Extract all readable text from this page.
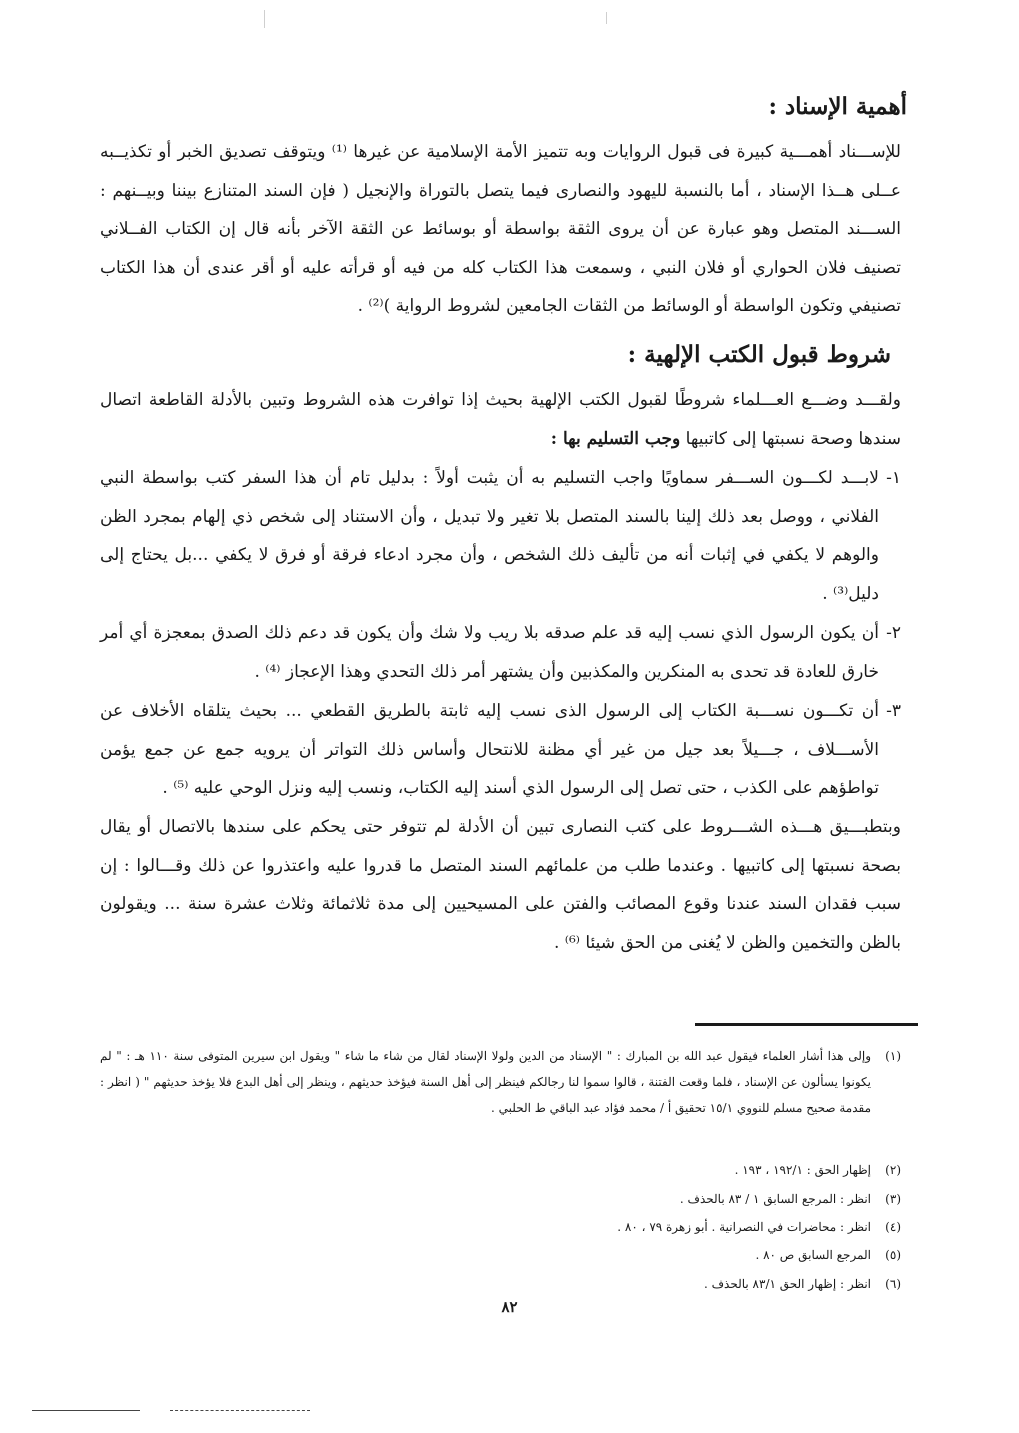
أهمية الإسناد :
للإســـناد أهمـــية كبيرة فى قبول الروايات وبه تتميز الأمة الإسلامية عن غيرها ⁽¹⁾ ويتوقف تصديق الخبر أو تكذيــبه عــلى هــذا الإسناد ، أما بالنسبة لليهود والنصارى فيما يتصل بالتوراة والإنجيل ( فإن السند المتنازع بيننا وبيــنهم : الســـند المتصل وهو عبارة عن أن يروى الثقة بواسطة أو بوسائط عن الثقة الآخر بأنه قال إن الكتاب الفــلاني تصنيف فلان الحواري أو فلان النبي ، وسمعت هذا الكتاب كله من فيه أو قرأته عليه أو أقر عندى أن هذا الكتاب تصنيفي وتكون الواسطة أو الوسائط من الثقات الجامعين لشروط الرواية )⁽²⁾ .
شروط قبول الكتب الإلهية :
ولقـــد وضـــع العـــلماء شروطًا لقبول الكتب الإلهية بحيث إذا توافرت هذه الشروط وتبين بالأدلة القاطعة اتصال سندها وصحة نسبتها إلى كاتبيها وجب التسليم بها :
١-
لابـــد لكـــون الســـفر سماويًا واجب التسليم به أن يثبت أولاً : بدليل تام أن هذا السفر كتب بواسطة النبي الفلاني ، ووصل بعد ذلك إلينا بالسند المتصل بلا تغير ولا تبديل ، وأن الاستناد إلى شخص ذي إلهام بمجرد الظن والوهم لا يكفي في إثبات أنه من تأليف ذلك الشخص ، وأن مجرد ادعاء فرقة أو فرق لا يكفي ...بل يحتاج إلى دليل⁽³⁾ .
٢-
أن يكون الرسول الذي نسب إليه قد علم صدقه بلا ريب ولا شك وأن يكون قد دعم ذلك الصدق بمعجزة أي أمر خارق للعادة قد تحدى به المنكرين والمكذبين وأن يشتهر أمر ذلك التحدي وهذا الإعجاز ⁽⁴⁾ .
٣-
أن تكـــون نســـبة الكتاب إلى الرسول الذى نسب إليه ثابتة بالطريق القطعي ... بحيث يتلقاه الأخلاف عن الأســـلاف ، جـــيلاً بعد جيل من غير أي مظنة للانتحال وأساس ذلك التواتر أن يرويه جمع عن جمع يؤمن تواطؤهم على الكذب ، حتى تصل إلى الرسول الذي أسند إليه الكتاب، ونسب إليه ونزل الوحي عليه ⁽⁵⁾ .
وبتطبـــيق هـــذه الشـــروط على كتب النصارى تبين أن الأدلة لم تتوفر حتى يحكم على سندها بالاتصال أو يقال بصحة نسبتها إلى كاتبيها . وعندما طلب من علمائهم السند المتصل ما قدروا عليه واعتذروا عن ذلك وقـــالوا : إن سبب فقدان السند عندنا وقوع المصائب والفتن على المسيحيين إلى مدة ثلاثمائة وثلاث عشرة سنة ... ويقولون بالظن والتخمين والظن لا يُغنى من الحق شيئا ⁽⁶⁾ .
(١)
وإلى هذا أشار العلماء فيقول عبد الله بن المبارك : " الإسناد من الدين ولولا الإسناد لقال من شاء ما شاء " ويقول ابن سيرين المتوفى سنة ١١٠ هـ : " لم يكونوا يسألون عن الإسناد ، فلما وقعت الفتنة ، قالوا سموا لنا رجالكم فينظر إلى أهل السنة فيؤخذ حديثهم ، وينظر إلى أهل البدع فلا يؤخذ حديثهم " ( انظر : مقدمة صحيح مسلم للنووي ١٥/١ تحقيق أ / محمد فؤاد عبد الباقي ط الحلبي .
(٢)
إظهار الحق : ١٩٢/١ ، ١٩٣ .
(٣)
انظر : المرجع السابق ١ / ٨٣ بالحذف .
(٤)
انظر : محاضرات في النصرانية . أبو زهرة ٧٩ ، ٨٠ .
(٥)
المرجع السابق ص ٨٠ .
(٦)
انظر : إظهار الحق ٨٣/١ بالحذف .
٨٢
